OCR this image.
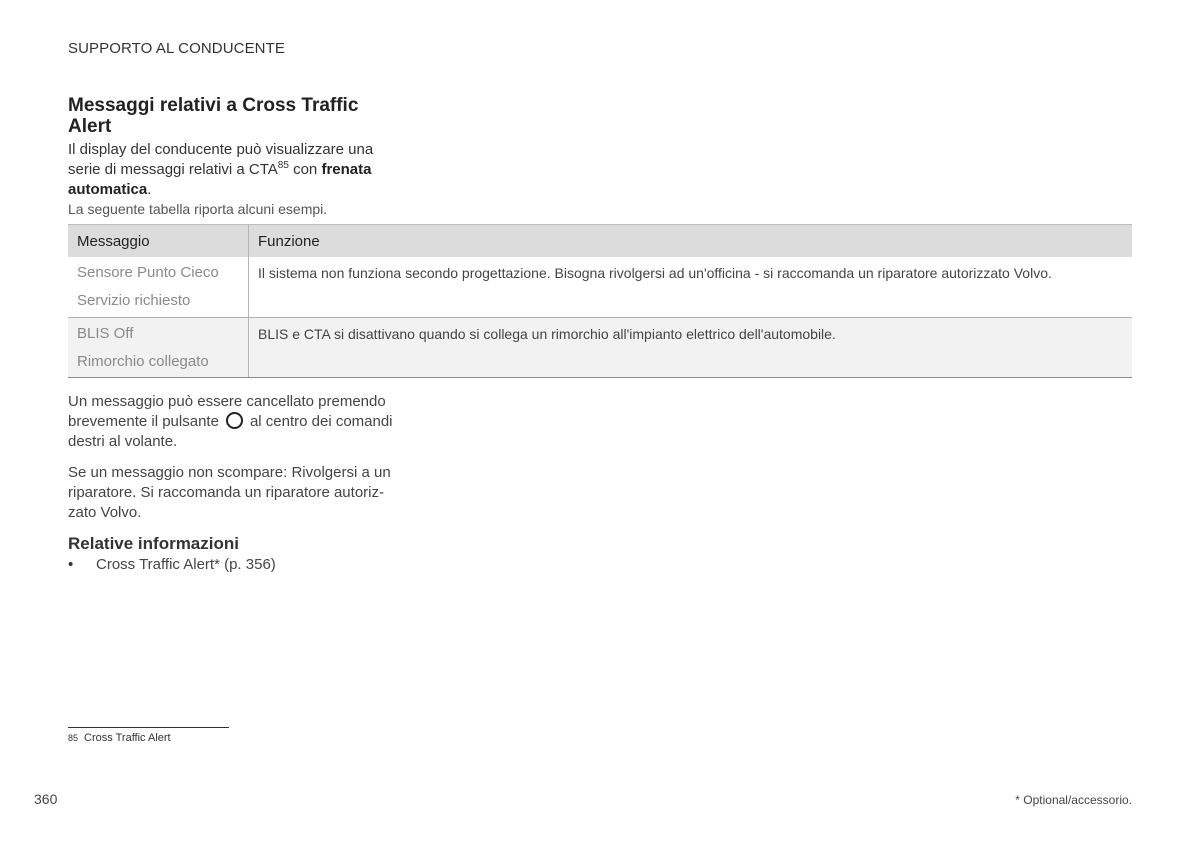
SUPPORTO AL CONDUCENTE
Messaggi relativi a Cross Traffic Alert
Il display del conducente può visualizzare una serie di messaggi relativi a CTA$^{85}$ con frenata automatica.
La seguente tabella riporta alcuni esempi.
Messaggio	Funzione

Sensore Punto Cieco
Servizio richiesto	Il sistema non funziona secondo progettazione. Bisogna rivolgersi ad un'officina - si raccomanda un riparatore autorizzato Volvo.

BLIS Off
Rimorchio collegato	BLIS e CTA si disattivano quando si collega un rimorchio all'impianto elettrico dell'automobile.
Un messaggio può essere cancellato premendo brevemente il pulsante al centro dei comandi destri al volante.
Se un messaggio non scompare: Rivolgersi a un riparatore. Si raccomanda un riparatore autoriz-zato Volvo.
Relative informazioni
• Cross Traffic Alert* (p. 356)
85 Cross Traffic Alert
360	* Optional/accessorio.
